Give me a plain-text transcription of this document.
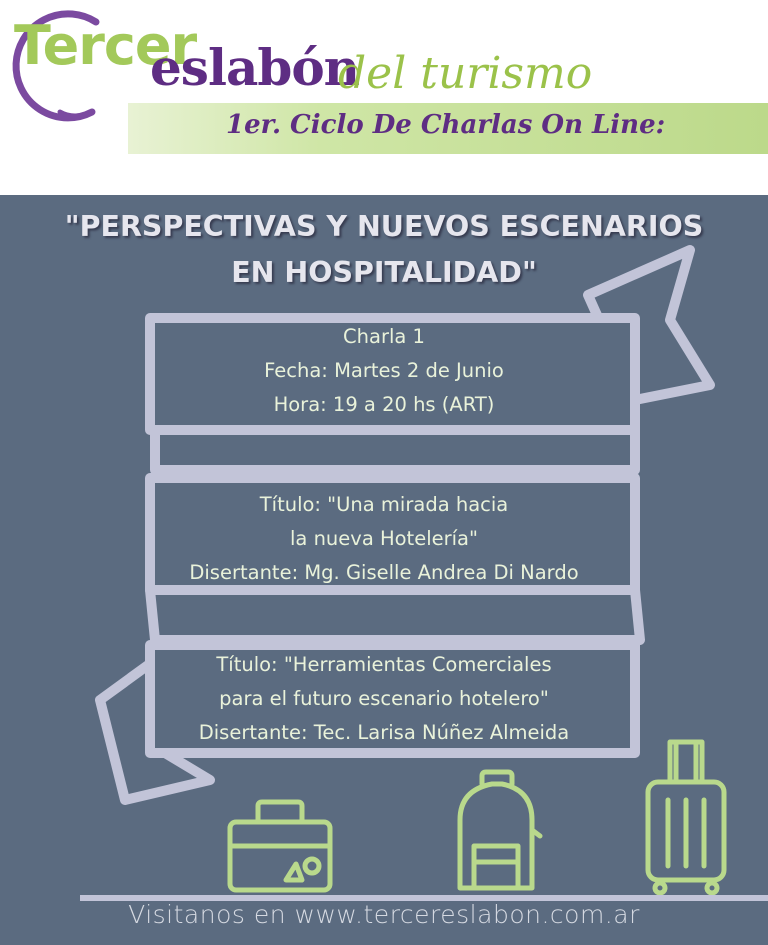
Tercer
eslabón
del turismo
1er. Ciclo De Charlas On Line:
"PERSPECTIVAS Y NUEVOS ESCENARIOS
EN HOSPITALIDAD"
Charla 1
Fecha: Martes 2 de Junio
Hora: 19 a 20 hs (ART)
Título: "Una mirada hacia
la nueva Hotelería"
Disertante: Mg. Giselle Andrea Di Nardo
Título: "Herramientas Comerciales
para el futuro escenario hotelero"
Disertante: Tec. Larisa Núñez Almeida
Visitanos en www.tercereslabon.com.ar
